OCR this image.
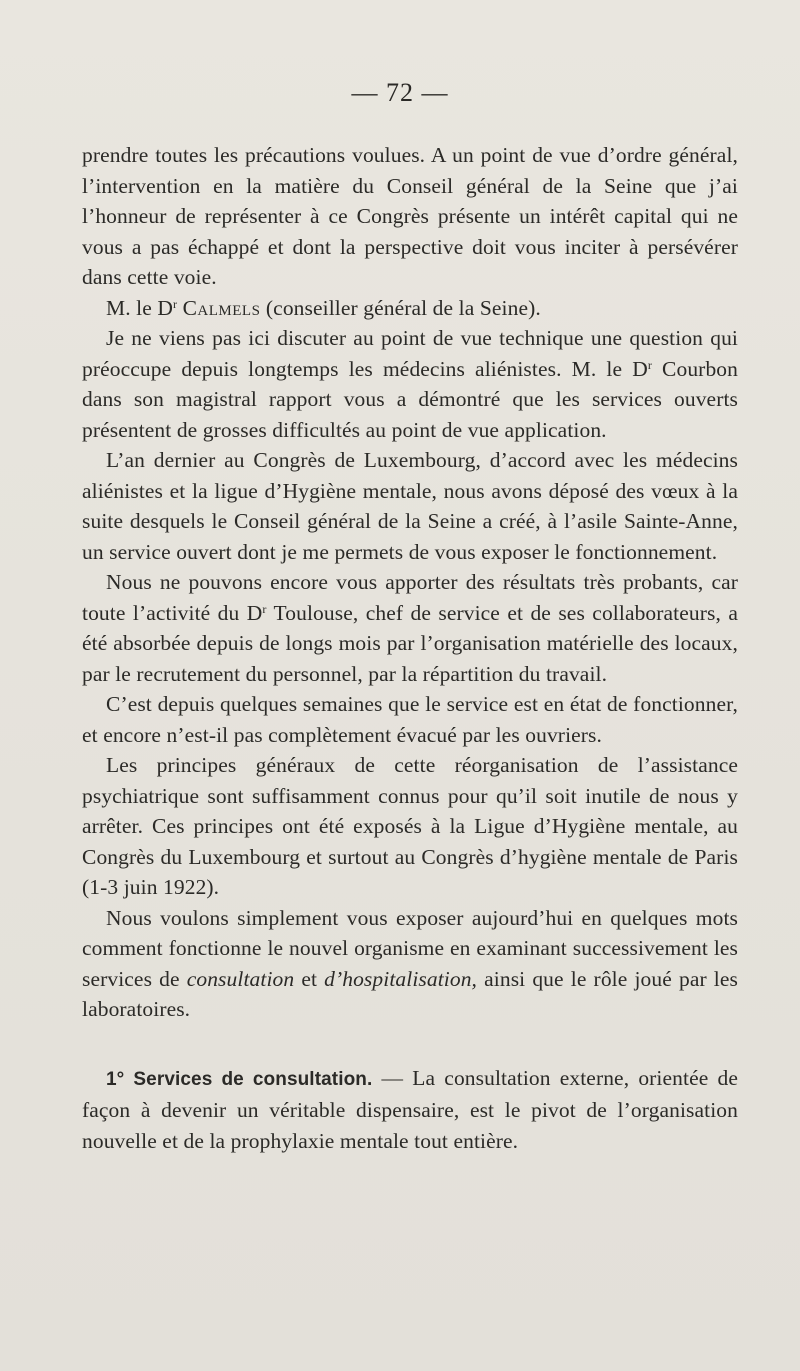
— 72 —

prendre toutes les précautions voulues. A un point de vue d’ordre général, l’intervention en la matière du Conseil général de la Seine que j’ai l’honneur de représenter à ce Congrès présente un intérêt capital qui ne vous a pas échappé et dont la perspective doit vous inciter à persévérer dans cette voie.

M. le $D^r$ Calmels (conseiller général de la Seine).

Je ne viens pas ici discuter au point de vue technique une question qui préoccupe depuis longtemps les médecins aliénistes. M. le $D^r$ Courbon dans son magistral rapport vous a démontré que les services ouverts présentent de grosses difficultés au point de vue application.

L’an dernier au Congrès de Luxembourg, d’accord avec les médecins aliénistes et la ligue d’Hygiène mentale, nous avons déposé des vœux à la suite desquels le Conseil général de la Seine a créé, à l’asile Sainte-Anne, un service ouvert dont je me permets de vous exposer le fonctionnement.

Nous ne pouvons encore vous apporter des résultats très probants, car toute l’activité du $D^r$ Toulouse, chef de service et de ses collaborateurs, a été absorbée depuis de longs mois par l’organisation matérielle des locaux, par le recrutement du personnel, par la répartition du travail.

C’est depuis quelques semaines que le service est en état de fonctionner, et encore n’est-il pas complètement évacué par les ouvriers.

Les principes généraux de cette réorganisation de l’assistance psychiatrique sont suffisamment connus pour qu’il soit inutile de nous y arrêter. Ces principes ont été exposés à la Ligue d’Hygiène mentale, au Congrès du Luxembourg et surtout au Congrès d’hygiène mentale de Paris (1-3 juin 1922).

Nous voulons simplement vous exposer aujourd’hui en quelques mots comment fonctionne le nouvel organisme en examinant successivement les services de consultation et d’hospitalisation, ainsi que le rôle joué par les laboratoires.

1° Services de consultation. — La consultation externe, orientée de façon à devenir un véritable dispensaire, est le pivot de l’organisation nouvelle et de la prophylaxie mentale tout entière.
